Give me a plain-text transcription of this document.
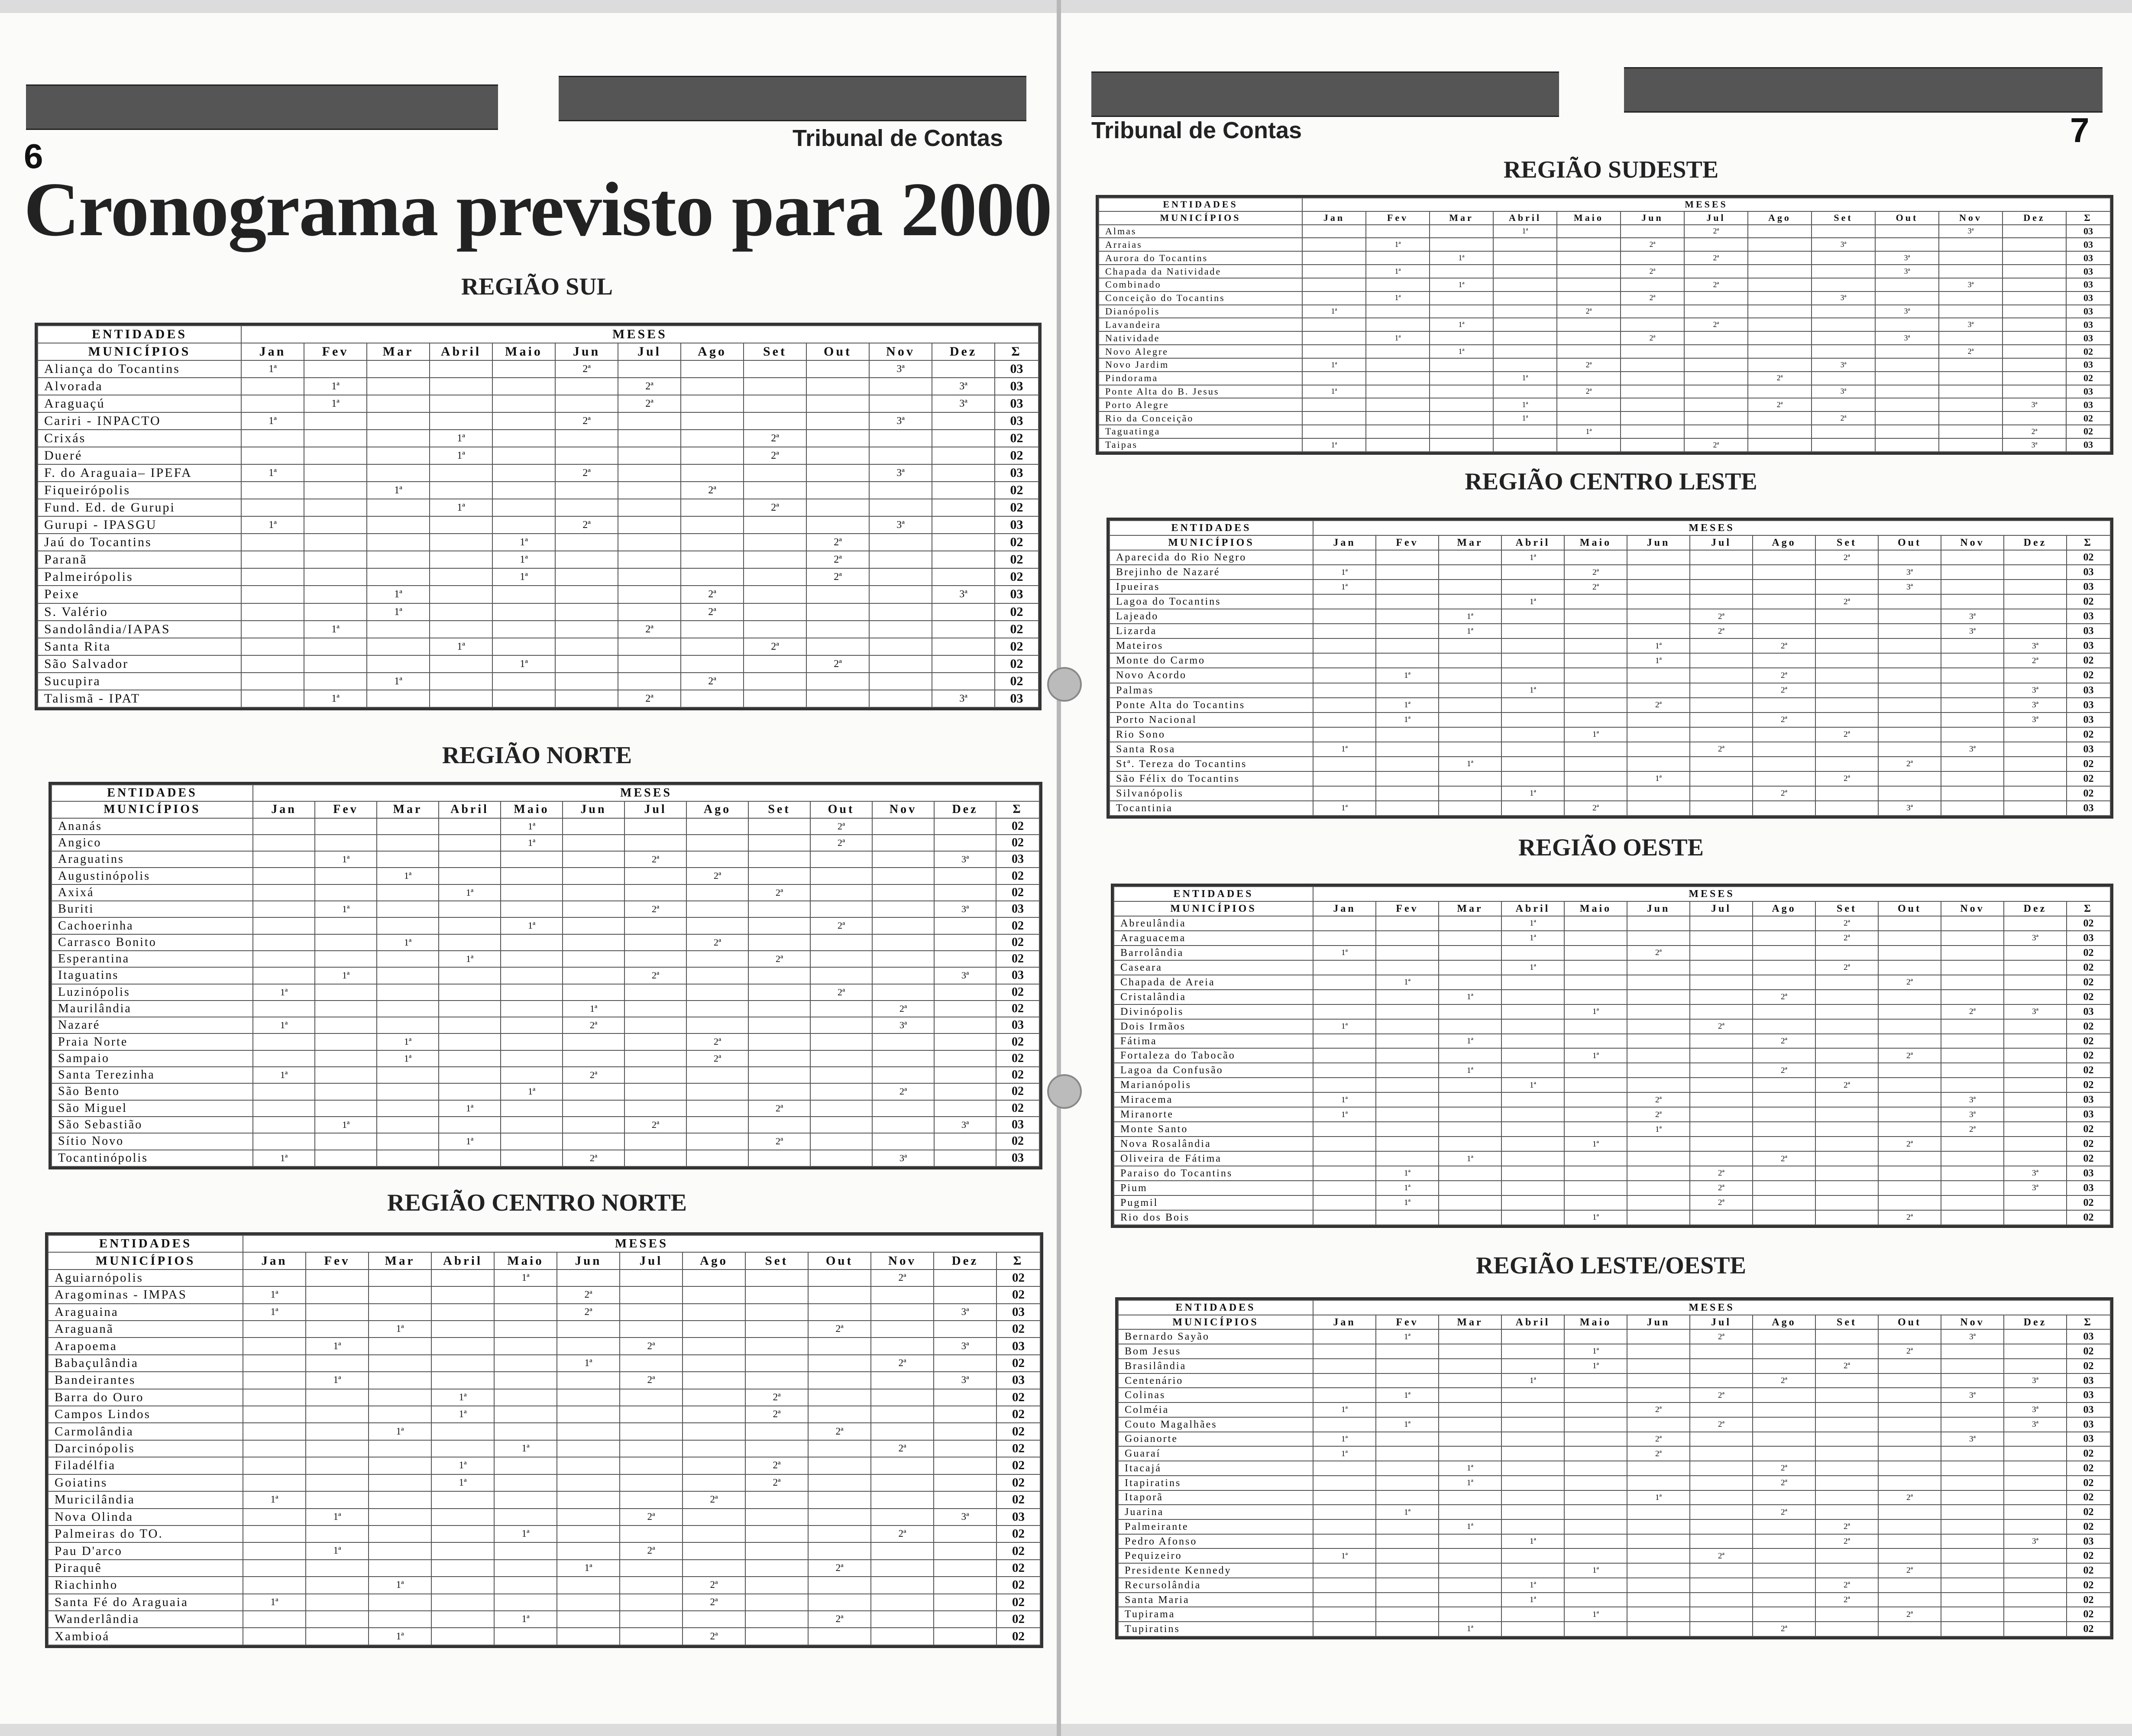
6	Tribunal de Contas
Cronograma previsto para 2000
Tribunal de Contas	7
REGIÃO SUL
ENTIDADES	MESES												
MUNICÍPIOS	Jan	Fev	Mar	Abril	Maio	Jun	Jul	Ago	Set	Out	Nov	Dez	Σ
Aliança do Tocantins	1ª					2ª					3ª		03
Alvorada		1ª					2ª					3ª	03
Araguaçú		1ª					2ª					3ª	03
Cariri - INPACTO	1ª					2ª					3ª		03
Crixás				1ª					2ª				02
Dueré				1ª					2ª				02
F. do Araguaia– IPEFA	1ª					2ª					3ª		03
Fiqueirópolis			1ª					2ª					02
Fund. Ed. de Gurupi				1ª					2ª				02
Gurupi - IPASGU	1ª					2ª					3ª		03
Jaú do Tocantins					1ª					2ª			02
Paranã					1ª					2ª			02
Palmeirópolis					1ª					2ª			02
Peixe			1ª					2ª				3ª	03
S. Valério			1ª					2ª					02
Sandolândia/IAPAS		1ª					2ª						02
Santa Rita				1ª					2ª				02
São Salvador					1ª					2ª			02
Sucupira			1ª					2ª					02
Talismã - IPAT		1ª					2ª					3ª	03
REGIÃO NORTE
ENTIDADES	MESES												
MUNICÍPIOS	Jan	Fev	Mar	Abril	Maio	Jun	Jul	Ago	Set	Out	Nov	Dez	Σ
Ananás					1ª					2ª			02
Angico					1ª					2ª			02
Araguatins		1ª					2ª					3ª	03
Augustinópolis			1ª					2ª					02
Axixá				1ª					2ª				02
Buriti		1ª					2ª					3ª	03
Cachoerinha					1ª					2ª			02
Carrasco Bonito			1ª					2ª					02
Esperantina				1ª					2ª				02
Itaguatins		1ª					2ª					3ª	03
Luzinópolis	1ª									2ª			02
Maurilândia						1ª					2ª		02
Nazaré	1ª					2ª					3ª		03
Praia Norte			1ª					2ª					02
Sampaio			1ª					2ª					02
Santa Terezinha	1ª					2ª							02
São Bento					1ª						2ª		02
São Miguel				1ª					2ª				02
São Sebastião		1ª					2ª					3ª	03
Sítio Novo				1ª					2ª				02
Tocantinópolis	1ª					2ª					3ª		03
REGIÃO CENTRO NORTE
ENTIDADES	MESES												
MUNICÍPIOS	Jan	Fev	Mar	Abril	Maio	Jun	Jul	Ago	Set	Out	Nov	Dez	Σ
Aguiarnópolis					1ª						2ª		02
Aragominas - IMPAS	1ª					2ª							02
Araguaina	1ª					2ª						3ª	03
Araguanã			1ª							2ª			02
Arapoema		1ª					2ª					3ª	03
Babaçulândia						1ª					2ª		02
Bandeirantes		1ª					2ª					3ª	03
Barra do Ouro				1ª					2ª				02
Campos Lindos				1ª					2ª				02
Carmolândia			1ª							2ª			02
Darcinópolis					1ª						2ª		02
Filadélfia				1ª					2ª				02
Goiatins				1ª					2ª				02
Muricilândia	1ª							2ª					02
Nova Olinda		1ª					2ª					3ª	03
Palmeiras do TO.					1ª						2ª		02
Pau D'arco		1ª					2ª						02
Piraquê						1ª				2ª			02
Riachinho			1ª					2ª					02
Santa Fé do Araguaia	1ª							2ª					02
Wanderlândia					1ª					2ª			02
Xambioá			1ª					2ª					02
REGIÃO SUDESTE
ENTIDADES	MESES												
MUNICÍPIOS	Jan	Fev	Mar	Abril	Maio	Jun	Jul	Ago	Set	Out	Nov	Dez	Σ
Almas				1ª			2ª				3ª		03
Arraias		1ª				2ª			3ª				03
Aurora do Tocantins			1ª				2ª			3ª			03
Chapada da Natividade		1ª				2ª				3ª			03
Combinado			1ª				2ª				3ª		03
Conceição do Tocantins		1ª				2ª			3ª				03
Dianópolis	1ª				2ª					3ª			03
Lavandeira			1ª				2ª				3ª		03
Natividade		1ª				2ª				3ª			03
Novo Alegre			1ª								2ª		02
Novo Jardim	1ª				2ª				3ª				03
Pindorama				1ª				2ª					02
Ponte Alta do B. Jesus	1ª				2ª				3ª				03
Porto Alegre				1ª				2ª				3ª	03
Rio da Conceição				1ª					2ª				02
Taguatinga					1ª							2ª	02
Taipas	1ª						2ª					3ª	03
REGIÃO CENTRO LESTE
ENTIDADES	MESES												
MUNICÍPIOS	Jan	Fev	Mar	Abril	Maio	Jun	Jul	Ago	Set	Out	Nov	Dez	Σ
Aparecida do Rio Negro				1ª					2ª				02
Brejinho de Nazaré	1ª				2ª					3ª			03
Ipueiras	1ª				2ª					3ª			03
Lagoa do Tocantins				1ª					2ª				02
Lajeado			1ª				2ª				3ª		03
Lizarda			1ª				2ª				3ª		03
Mateiros						1ª		2ª				3ª	03
Monte do Carmo						1ª						2ª	02
Novo Acordo		1ª						2ª					02
Palmas				1ª				2ª				3ª	03
Ponte Alta do Tocantins		1ª				2ª						3ª	03
Porto Nacional		1ª						2ª				3ª	03
Rio Sono					1ª				2ª				02
Santa Rosa	1ª						2ª				3ª		03
Stª. Tereza do Tocantins			1ª							2ª			02
São Félix do Tocantins						1ª			2ª				02
Silvanópolis				1ª				2ª					02
Tocantinia	1ª				2ª					3ª			03
REGIÃO OESTE
ENTIDADES	MESES												
MUNICÍPIOS	Jan	Fev	Mar	Abril	Maio	Jun	Jul	Ago	Set	Out	Nov	Dez	Σ
Abreulândia				1ª					2ª				02
Araguacema				1ª					2ª			3ª	03
Barrolândia	1ª					2ª							02
Caseara				1ª					2ª				02
Chapada de Areia		1ª								2ª			02
Cristalândia			1ª					2ª					02
Divinópolis					1ª						2ª	3ª	03
Dois Irmãos	1ª						2ª						02
Fátima			1ª					2ª					02
Fortaleza do Tabocão					1ª					2ª			02
Lagoa da Confusão			1ª					2ª					02
Marianópolis				1ª					2ª				02
Miracema	1ª					2ª					3ª		03
Miranorte	1ª					2ª					3ª		03
Monte Santo						1ª					2ª		02
Nova Rosalândia					1ª					2ª			02
Oliveira de Fátima			1ª					2ª					02
Paraiso do Tocantins		1ª					2ª					3ª	03
Pium		1ª					2ª					3ª	03
Pugmil		1ª					2ª						02
Rio dos Bois					1ª					2ª			02
REGIÃO LESTE/OESTE
ENTIDADES	MESES												
MUNICÍPIOS	Jan	Fev	Mar	Abril	Maio	Jun	Jul	Ago	Set	Out	Nov	Dez	Σ
Bernardo Sayão		1ª					2ª				3ª		03
Bom Jesus					1ª					2ª			02
Brasilândia					1ª				2ª				02
Centenário				1ª				2ª				3ª	03
Colinas		1ª					2ª				3ª		03
Colméia	1ª					2ª						3ª	03
Couto Magalhães		1ª					2ª					3ª	03
Goianorte	1ª					2ª					3ª		03
Guaraí	1ª					2ª							02
Itacajá			1ª					2ª					02
Itapiratins			1ª					2ª					02
Itaporã						1ª				2ª			02
Juarina		1ª						2ª					02
Palmeirante			1ª						2ª				02
Pedro Afonso				1ª					2ª			3ª	03
Pequizeiro	1ª						2ª						02
Presidente Kennedy					1ª					2ª			02
Recursolândia				1ª					2ª				02
Santa Maria				1ª					2ª				02
Tupirama					1ª					2ª			02
Tupiratins			1ª					2ª					02
